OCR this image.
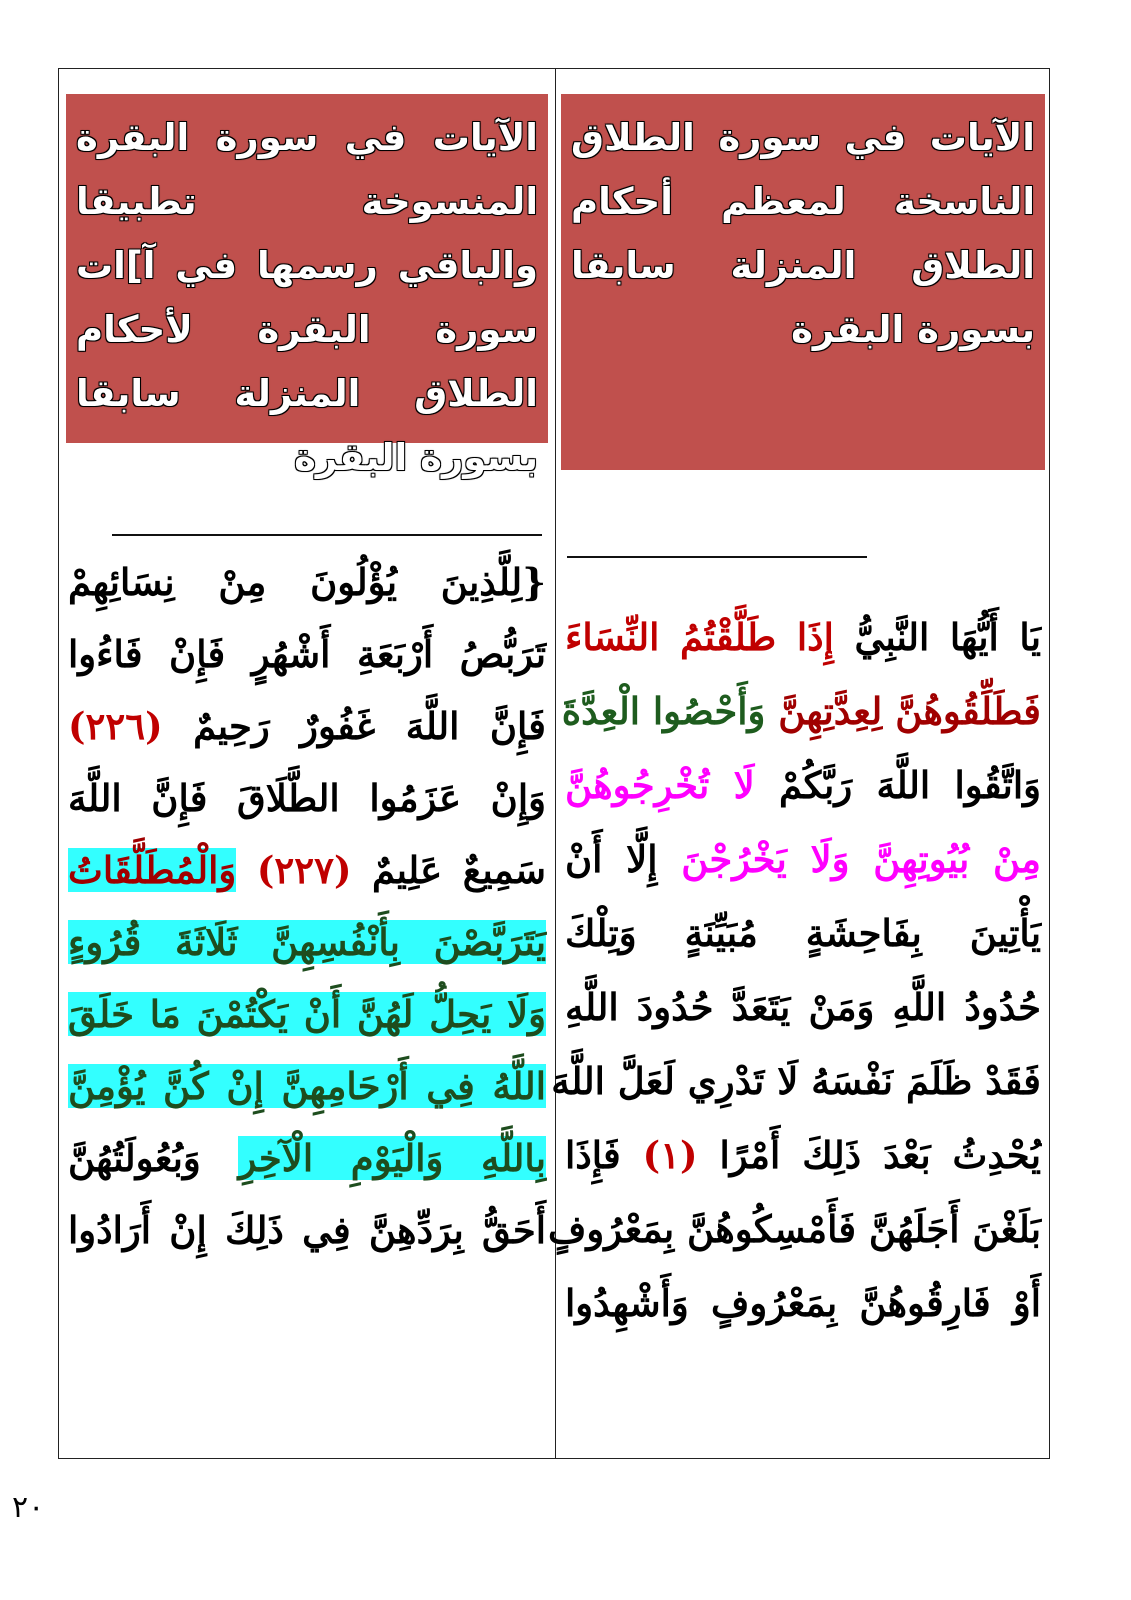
الآيات في سورة الطلاق الناسخة لمعظم أحكام الطلاق المنزلة سابقا بسورة البقرة
يَا أَيُّهَا النَّبِيُّ إِذَا طَلَّقْتُمُ النِّسَاءَ
فَطَلِّقُوهُنَّ لِعِدَّتِهِنَّ وَأَحْصُوا الْعِدَّةَ
وَاتَّقُوا اللَّهَ رَبَّكُمْ لَا تُخْرِجُوهُنَّ
مِنْ بُيُوتِهِنَّ وَلَا يَخْرُجْنَ إِلَّا أَنْ
يَأْتِينَ بِفَاحِشَةٍ مُبَيِّنَةٍ وَتِلْكَ
حُدُودُ اللَّهِ وَمَنْ يَتَعَدَّ حُدُودَ اللَّهِ
فَقَدْ ظَلَمَ نَفْسَهُ لَا تَدْرِي لَعَلَّ اللَّهَ
يُحْدِثُ بَعْدَ ذَلِكَ أَمْرًا (١) فَإِذَا
بَلَغْنَ أَجَلَهُنَّ فَأَمْسِكُوهُنَّ بِمَعْرُوفٍ
أَوْ فَارِقُوهُنَّ بِمَعْرُوفٍ وَأَشْهِدُوا
الآيات في سورة البقرة المنسوخة تطبيقا والباقي رسمها في آ]ات سورة البقرة لأحكام الطلاق المنزلة سابقا بسورة البقرة
{لِلَّذِينَ يُؤْلُونَ مِنْ نِسَائِهِمْ
تَرَبُّصُ أَرْبَعَةِ أَشْهُرٍ فَإِنْ فَاءُوا
فَإِنَّ اللَّهَ غَفُورٌ رَحِيمٌ (٢٢٦)
وَإِنْ عَزَمُوا الطَّلَاقَ فَإِنَّ اللَّهَ
سَمِيعٌ عَلِيمٌ (٢٢٧) وَالْمُطَلَّقَاتُ
يَتَرَبَّصْنَ بِأَنْفُسِهِنَّ ثَلَاثَةَ قُرُوءٍ
وَلَا يَحِلُّ لَهُنَّ أَنْ يَكْتُمْنَ مَا خَلَقَ
اللَّهُ فِي أَرْحَامِهِنَّ إِنْ كُنَّ يُؤْمِنَّ
بِاللَّهِ وَالْيَوْمِ الْآخِرِ وَبُعُولَتُهُنَّ
أَحَقُّ بِرَدِّهِنَّ فِي ذَلِكَ إِنْ أَرَادُوا
٢٠
